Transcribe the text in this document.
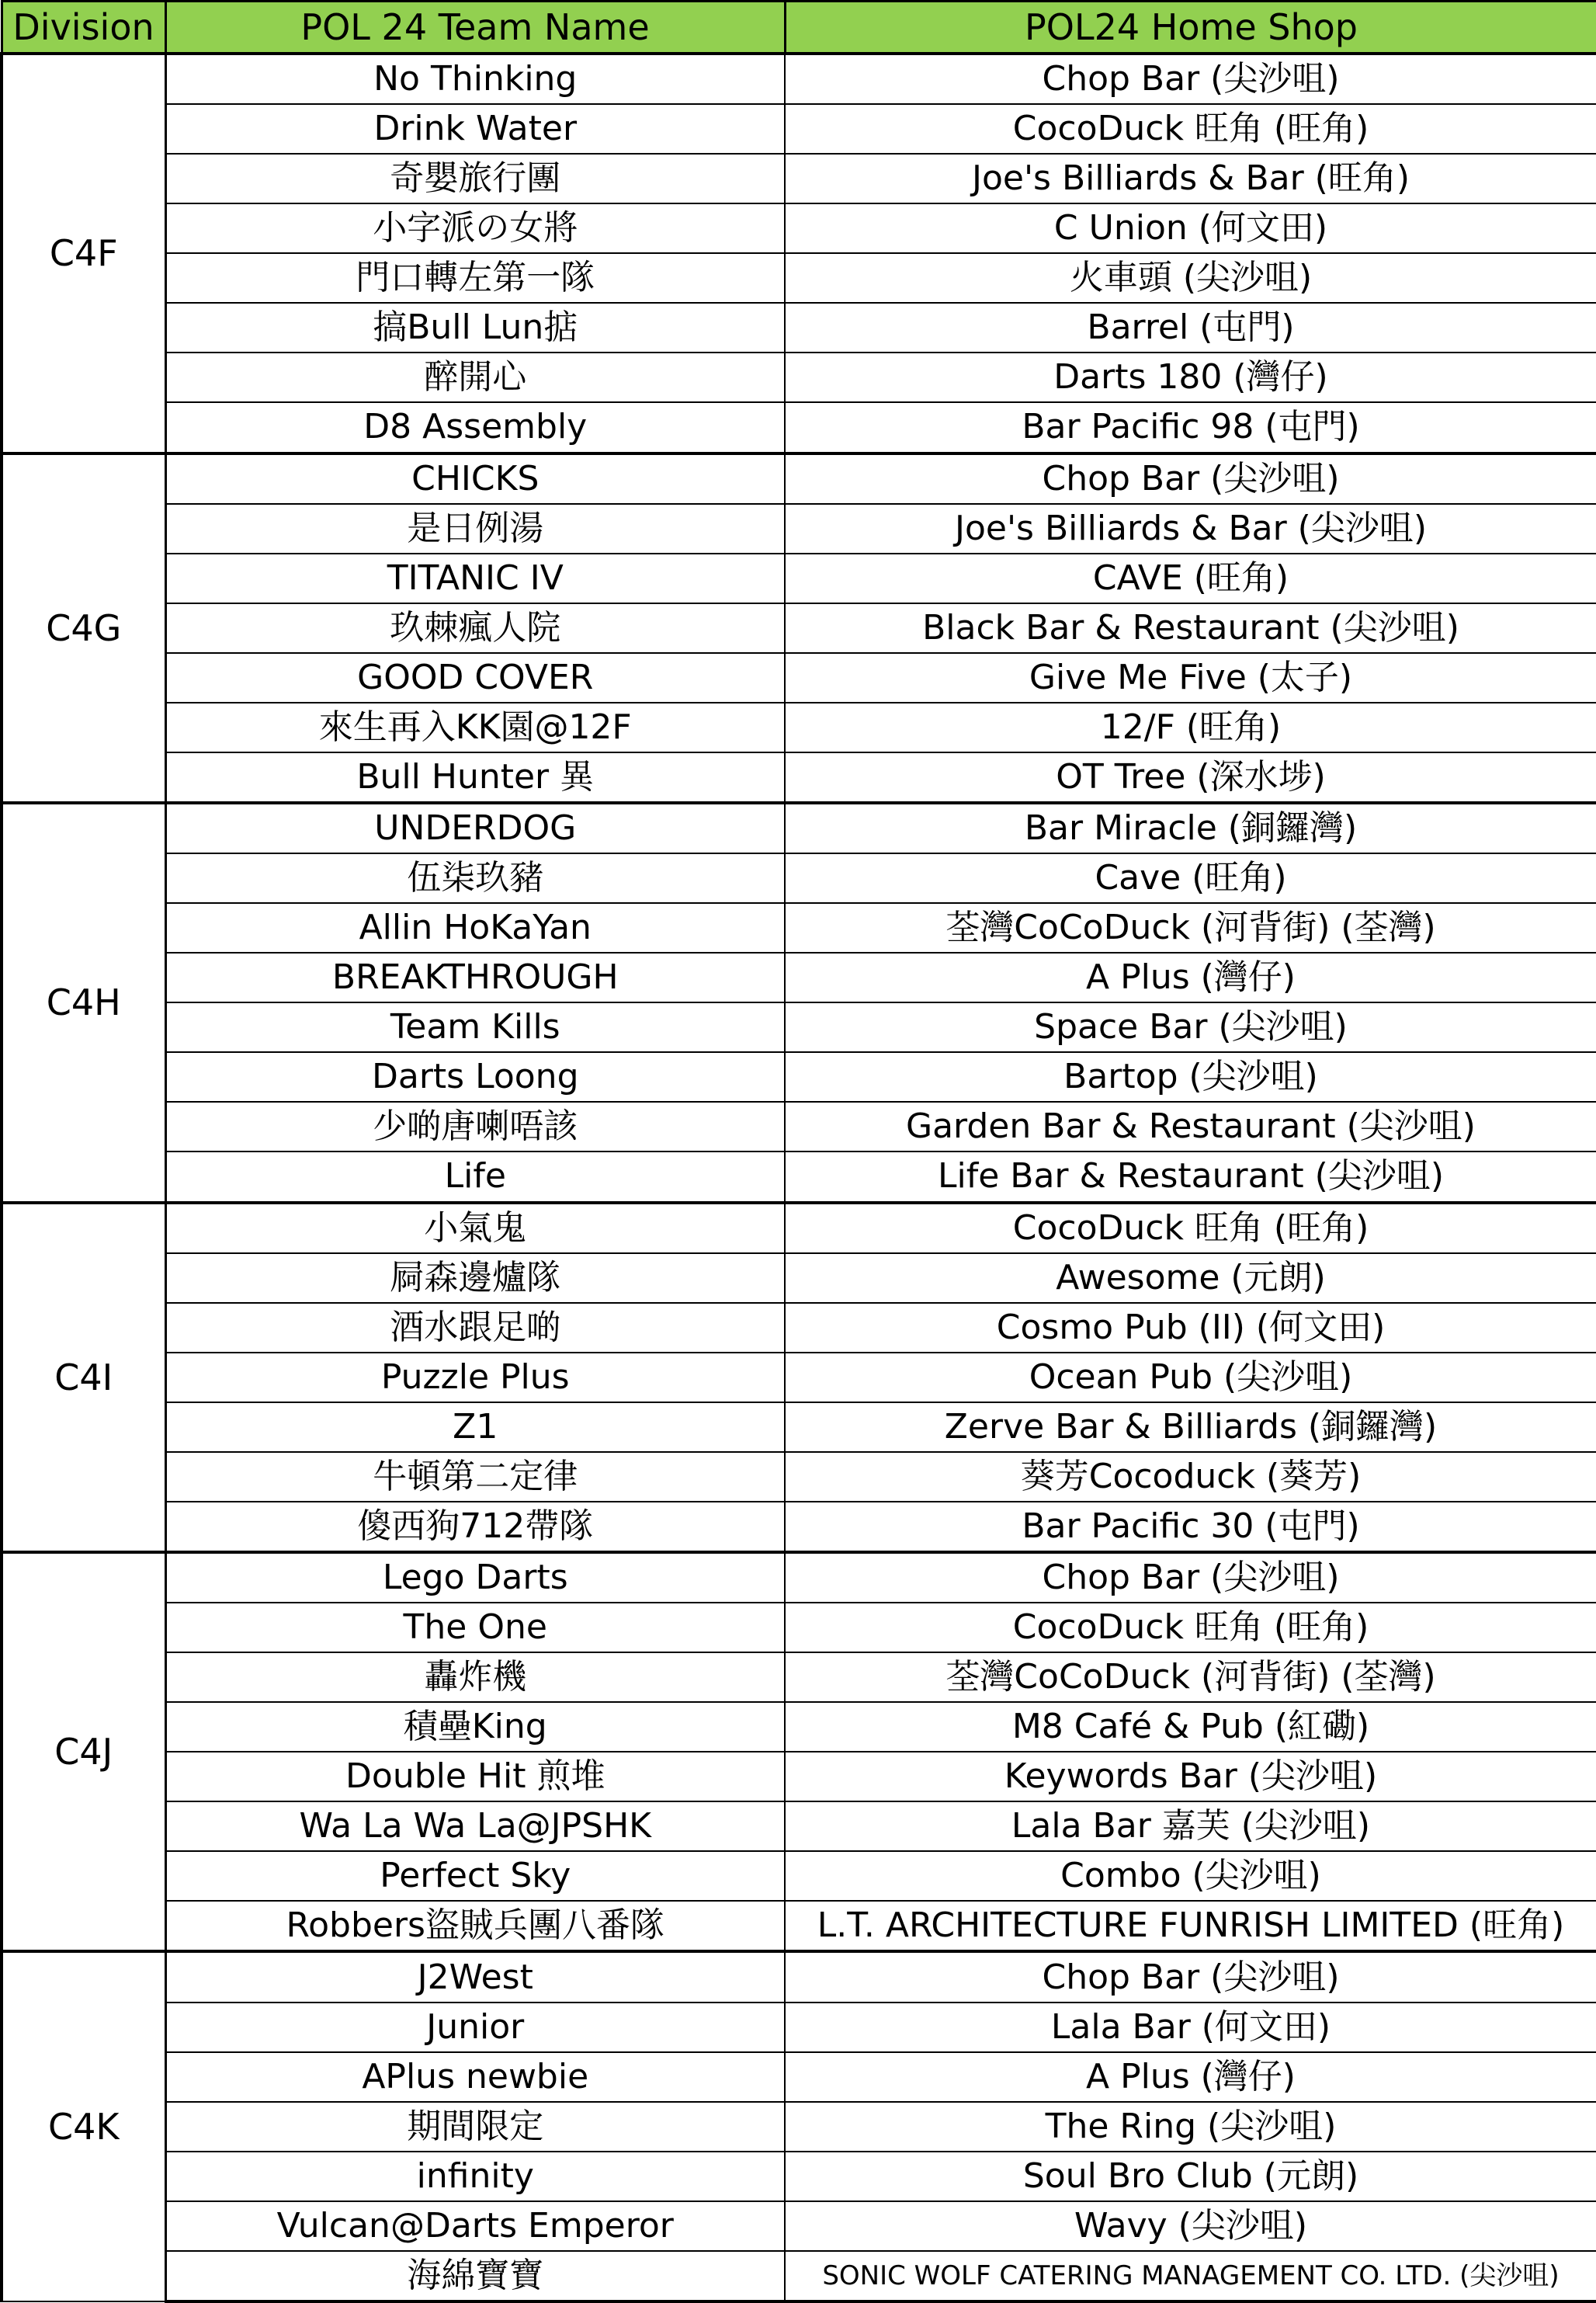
Division	POL 24 Team Name	POL24 Home Shop
C4F	No Thinking	Chop Bar (尖沙咀)
	Drink Water	CocoDuck 旺角 (旺角)
	奇嬰旅行團	Joe's Billiards & Bar (旺角)
	小字派の女將	C Union (何文田)
	門口轉左第一隊	火車頭 (尖沙咀)
	搞Bull Lun掂	Barrel (屯門)
	醉開心	Darts 180 (灣仔)
	D8 Assembly	Bar Pacific 98 (屯門)
C4G	CHICKS	Chop Bar (尖沙咀)
	是日例湯	Joe's Billiards & Bar (尖沙咀)
	TITANIC IV	CAVE (旺角)
	玖棘瘋人院	Black Bar & Restaurant (尖沙咀)
	GOOD COVER	Give Me Five (太子)
	來生再入KK園@12F	12/F (旺角)
	Bull Hunter 異	OT Tree (深水埗)
C4H	UNDERDOG	Bar Miracle (銅鑼灣)
	伍柒玖豬	Cave (旺角)
	Allin HoKaYan	荃灣CoCoDuck (河背街) (荃灣)
	BREAKTHROUGH	A Plus (灣仔)
	Team Kills	Space Bar (尖沙咀)
	Darts Loong	Bartop (尖沙咀)
	少啲唐喇唔該	Garden Bar & Restaurant (尖沙咀)
	Life	Life Bar & Restaurant (尖沙咀)
C4I	小氣鬼	CocoDuck 旺角 (旺角)
	屙森邊爐隊	Awesome (元朗)
	酒水跟足啲	Cosmo Pub (II) (何文田)
	Puzzle Plus	Ocean Pub (尖沙咀)
	Z1	Zerve Bar & Billiards (銅鑼灣)
	牛頓第二定律	葵芳Cocoduck (葵芳)
	傻西狗712帶隊	Bar Pacific 30 (屯門)
C4J	Lego Darts	Chop Bar (尖沙咀)
	The One	CocoDuck 旺角 (旺角)
	轟炸機	荃灣CoCoDuck (河背街) (荃灣)
	積壘King	M8 Café & Pub (紅磡)
	Double Hit 煎堆	Keywords Bar (尖沙咀)
	Wa La Wa La@JPSHK	Lala Bar 嘉芙 (尖沙咀)
	Perfect Sky	Combo (尖沙咀)
	Robbers盜賊兵團八番隊	L.T. ARCHITECTURE FUNRISH LIMITED (旺角)
C4K	J2West	Chop Bar (尖沙咀)
	Junior	Lala Bar (何文田)
	APlus newbie	A Plus (灣仔)
	期間限定	The Ring (尖沙咀)
	infinity	Soul Bro Club (元朗)
	Vulcan@Darts Emperor	Wavy (尖沙咀)
	海綿寶寶	SONIC WOLF CATERING MANAGEMENT CO. LTD. (尖沙咀)
